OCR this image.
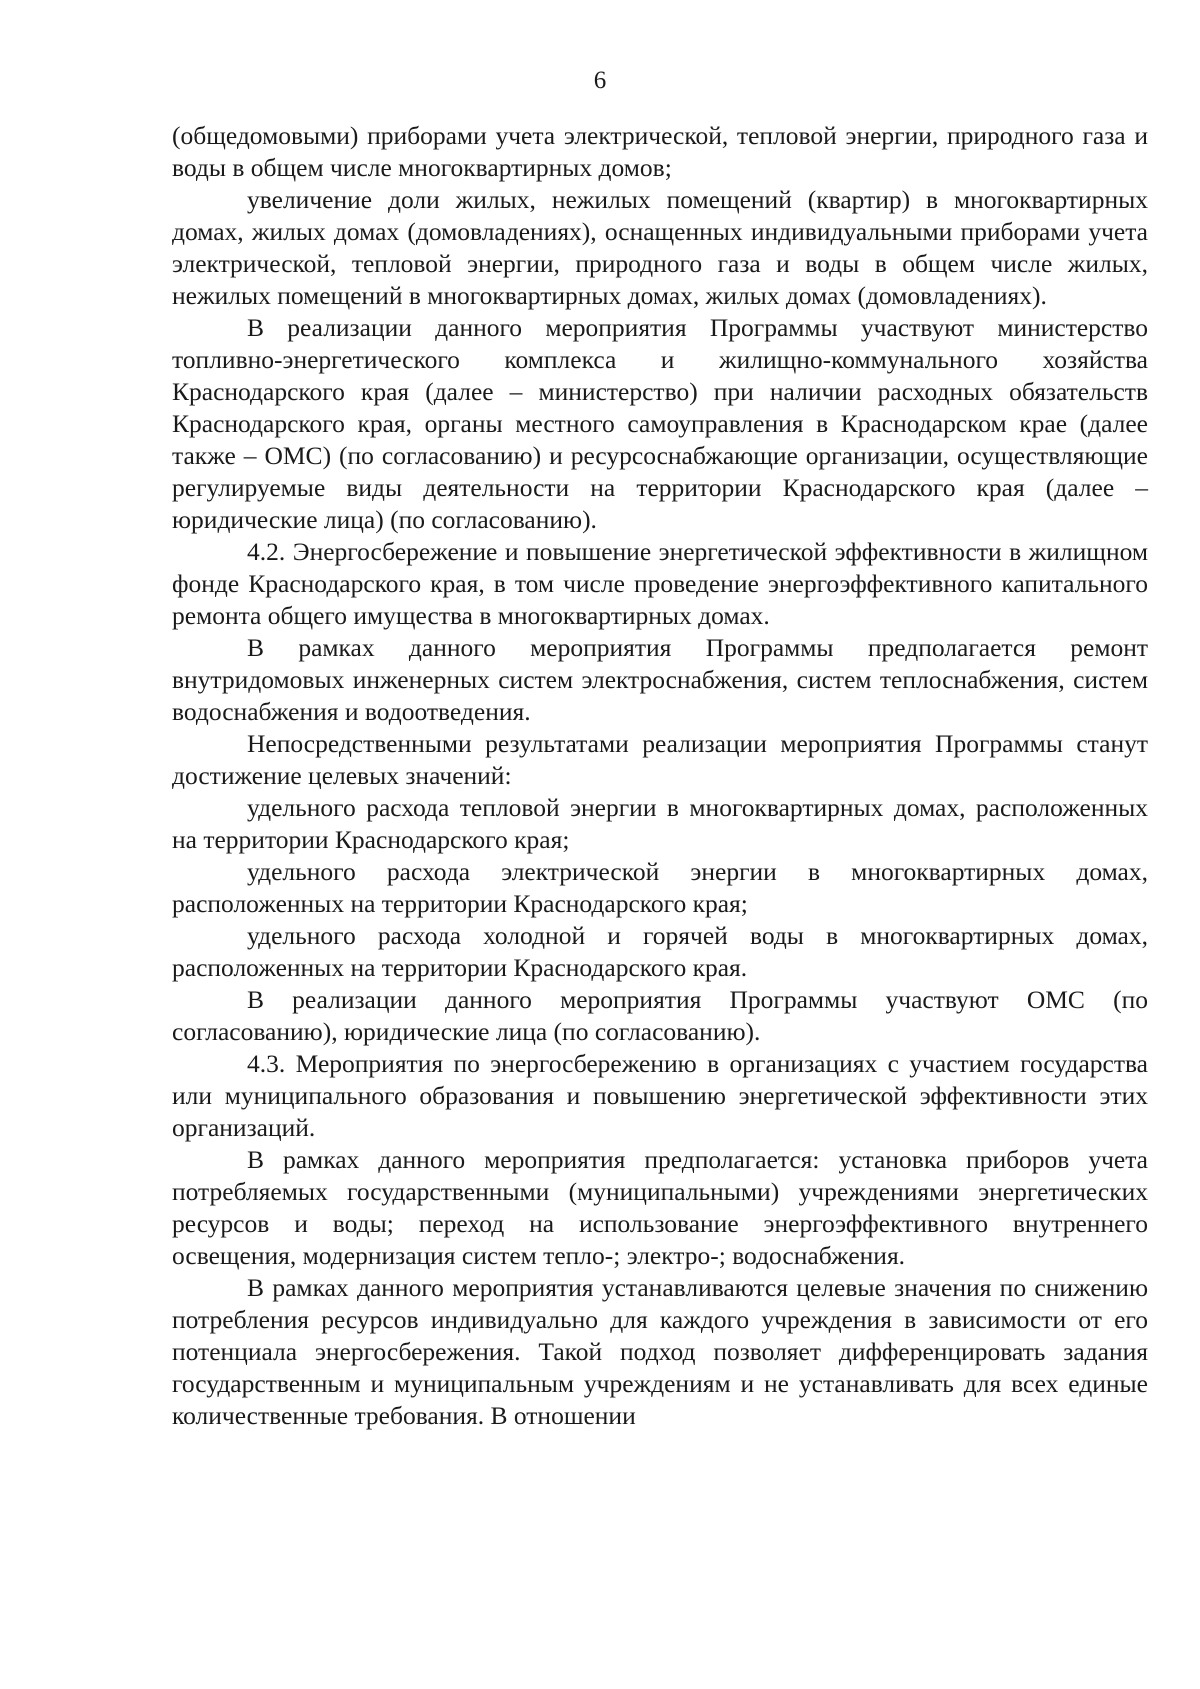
6

(общедомовыми) приборами учета электрической, тепловой энергии, природного газа и воды в общем числе многоквартирных домов;

увеличение доли жилых, нежилых помещений (квартир) в многоквартирных домах, жилых домах (домовладениях), оснащенных индивидуальными приборами учета электрической, тепловой энергии, природного газа и воды в общем числе жилых, нежилых помещений в многоквартирных домах, жилых домах (домовладениях).

В реализации данного мероприятия Программы участвуют министерство топливно-энергетического комплекса и жилищно-коммунального хозяйства Краснодарского края (далее – министерство) при наличии расходных обязательств Краснодарского края, органы местного самоуправления в Краснодарском крае (далее также – ОМС) (по согласованию) и ресурсоснабжающие организации, осуществляющие регулируемые виды деятельности на территории Краснодарского края (далее – юридические лица) (по согласованию).

4.2. Энергосбережение и повышение энергетической эффективности в жилищном фонде Краснодарского края, в том числе проведение энергоэффективного капитального ремонта общего имущества в многоквартирных домах.

В рамках данного мероприятия Программы предполагается ремонт внутридомовых инженерных систем электроснабжения, систем теплоснабжения, систем водоснабжения и водоотведения.

Непосредственными результатами реализации мероприятия Программы станут достижение целевых значений:

удельного расхода тепловой энергии в многоквартирных домах, расположенных на территории Краснодарского края;

удельного расхода электрической энергии в многоквартирных домах, расположенных на территории Краснодарского края;

удельного расхода холодной и горячей воды в многоквартирных домах, расположенных на территории Краснодарского края.

В реализации данного мероприятия Программы участвуют ОМС (по согласованию), юридические лица (по согласованию).

4.3. Мероприятия по энергосбережению в организациях с участием государства или муниципального образования и повышению энергетической эффективности этих организаций.

В рамках данного мероприятия предполагается: установка приборов учета потребляемых государственными (муниципальными) учреждениями энергетических ресурсов и воды; переход на использование энергоэффективного внутреннего освещения, модернизация систем тепло-; электро-; водоснабжения.

В рамках данного мероприятия устанавливаются целевые значения по снижению потребления ресурсов индивидуально для каждого учреждения в зависимости от его потенциала энергосбережения. Такой подход позволяет дифференцировать задания государственным и муниципальным учреждениям и не устанавливать для всех единые количественные требования. В отношении
